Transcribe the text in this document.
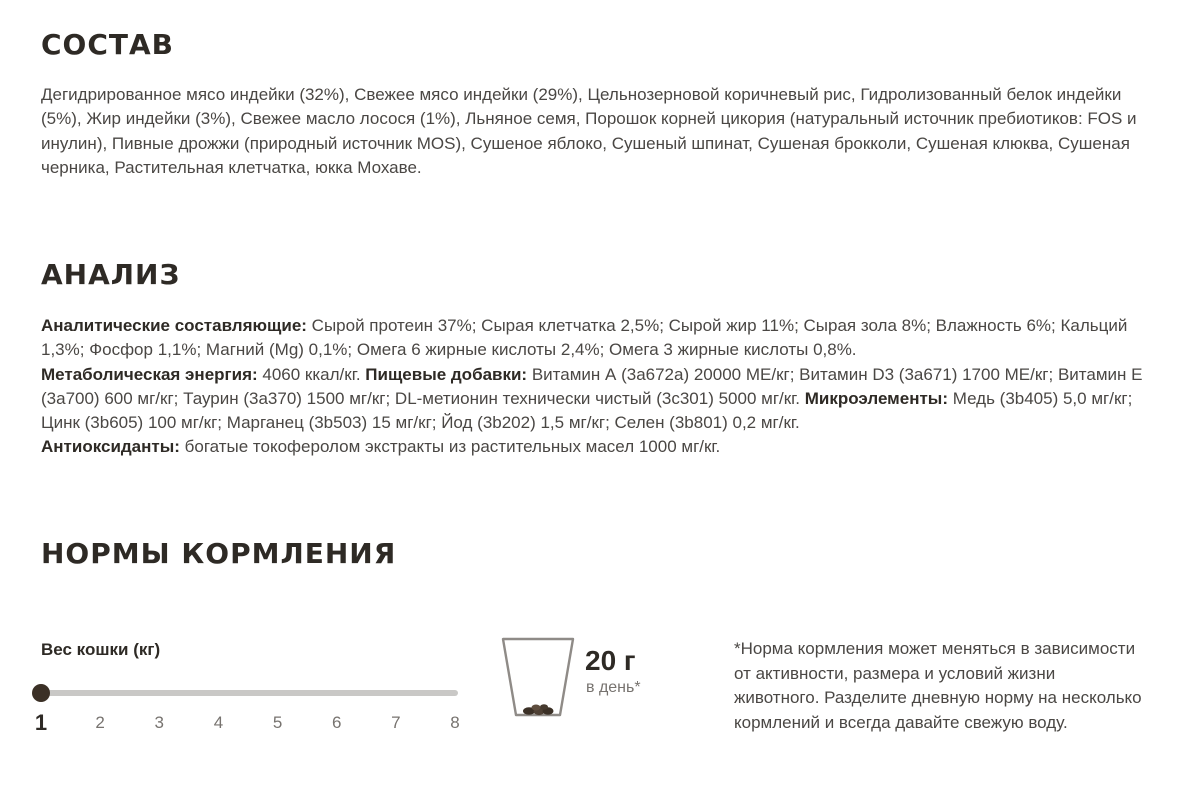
СОСТАВ

Дегидрированное мясо индейки (32%), Свежее мясо индейки (29%), Цельнозерновой коричневый рис, Гидролизованный белок индейки (5%), Жир индейки (3%), Свежее масло лосося (1%), Льняное семя, Порошок корней цикория (натуральный источник пребиотиков: FOS и инулин), Пивные дрожжи (природный источник MOS), Сушеное яблоко, Сушеный шпинат, Сушеная брокколи, Сушеная клюква, Сушеная черника, Растительная клетчатка, юкка Мохаве.

АНАЛИЗ

Аналитические составляющие: Сырой протеин 37%; Сырая клетчатка 2,5%; Сырой жир 11%; Сырая зола 8%; Влажность 6%; Кальций 1,3%; Фосфор 1,1%; Магний (Mg) 0,1%; Омега 6 жирные кислоты 2,4%; Омега 3 жирные кислоты 0,8%.
Метаболическая энергия: 4060 ккал/кг. Пищевые добавки: Витамин А (3а672а) 20000 МЕ/кг; Витамин D3 (3а671) 1700 МЕ/кг; Витамин Е (3а700) 600 мг/кг; Таурин (3а370) 1500 мг/кг; DL-метионин технически чистый (3с301) 5000 мг/кг. Микроэлементы: Медь (3b405) 5,0 мг/кг; Цинк (3b605) 100 мг/кг; Марганец (3b503) 15 мг/кг; Йод (3b202) 1,5 мг/кг; Селен (3b801) 0,2 мг/кг.
Антиоксиданты: богатые токоферолом экстракты из растительных масел 1000 мг/кг.

НОРМЫ КОРМЛЕНИЯ
Вес кошки (кг)
1	2	3	4	5	6	7	8
20 г
в день*
*Норма кормления может меняться в зависимости от активности, размера и условий жизни животного. Разделите дневную норму на несколько кормлений и всегда давайте свежую воду.
